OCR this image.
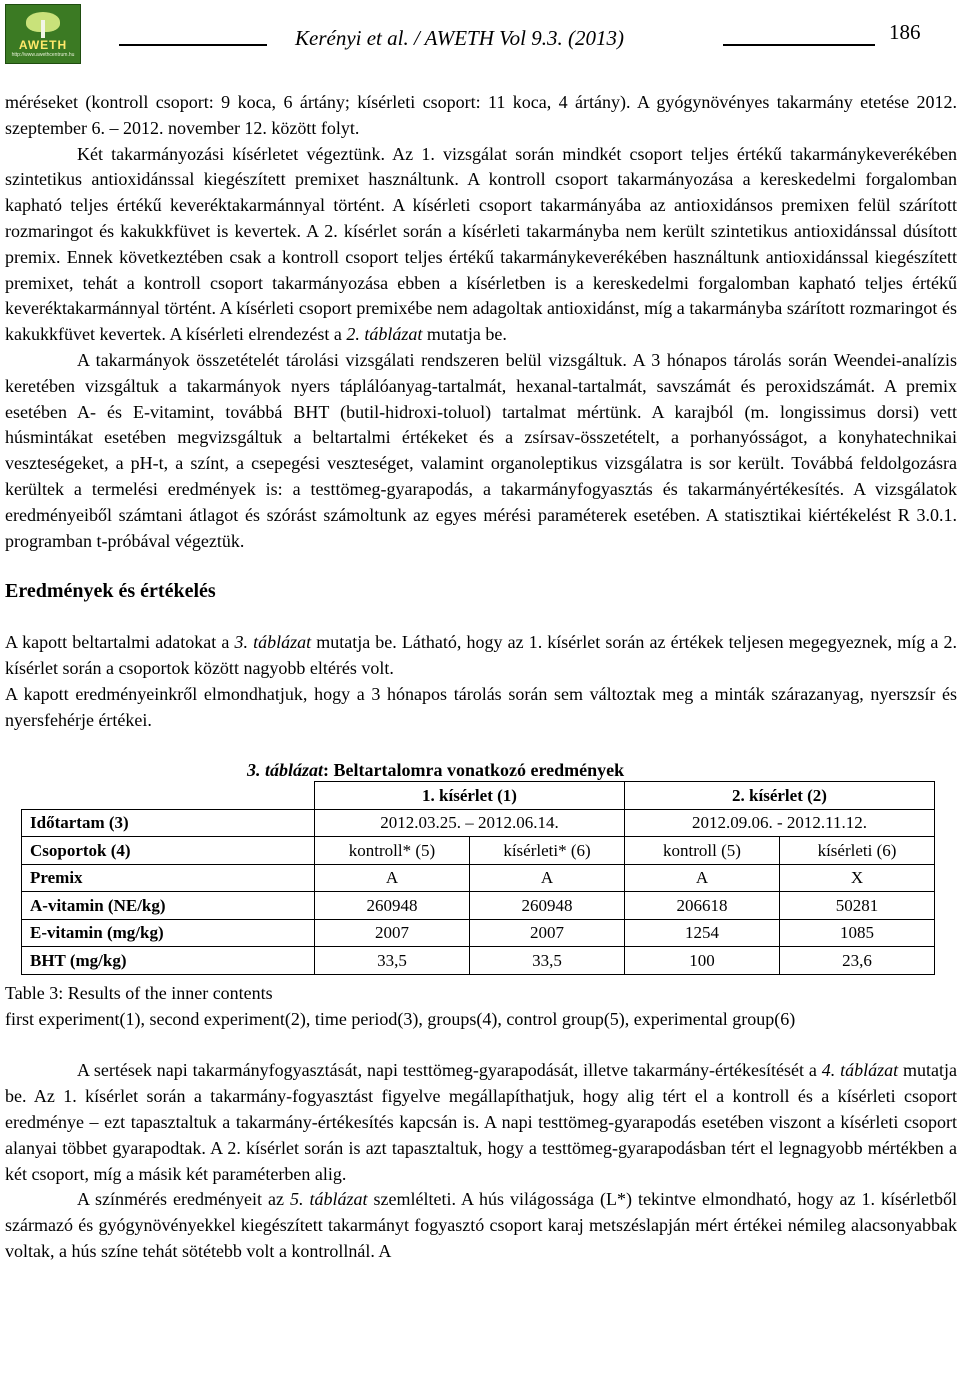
AWETH
http://www.awethcentrum.hu
Kerényi et al. / AWETH Vol 9.3. (2013)	186

méréseket (kontroll csoport: 9 koca, 6 ártány; kísérleti csoport: 11 koca, 4 ártány). A gyógynövényes takarmány etetése 2012. szeptember 6. – 2012. november 12. között folyt.

Két takarmányozási kísérletet végeztünk. Az 1. vizsgálat során mindkét csoport teljes értékű takarmánykeverékében szintetikus antioxidánssal kiegészített premixet használtunk. A kontroll csoport takarmányozása a kereskedelmi forgalomban kapható teljes értékű keveréktakarmánnyal történt. A kísérleti csoport takarmányába az antioxidánsos premixen felül szárított rozmaringot és kakukkfüvet is kevertek. A 2. kísérlet során a kísérleti takarmányba nem került szintetikus antioxidánssal dúsított premix. Ennek következtében csak a kontroll csoport teljes értékű takarmánykeverékében használtunk antioxidánssal kiegészített premixet, tehát a kontroll csoport takarmányozása ebben a kísérletben is a kereskedelmi forgalomban kapható teljes értékű keveréktakarmánnyal történt. A kísérleti csoport premixébe nem adagoltak antioxidánst, míg a takarmányba szárított rozmaringot és kakukkfüvet kevertek. A kísérleti elrendezést a 2. táblázat mutatja be.

A takarmányok összetételét tárolási vizsgálati rendszeren belül vizsgáltuk. A 3 hónapos tárolás során Weendei-analízis keretében vizsgáltuk a takarmányok nyers táplálóanyag-tartalmát, hexanal-tartalmát, savszámát és peroxidszámát. A premix esetében A- és E-vitamint, továbbá BHT (butil-hidroxi-toluol) tartalmat mértünk. A karajból (m. longissimus dorsi) vett húsmintákat esetében megvizsgáltuk a beltartalmi értékeket és a zsírsav-összetételt, a porhanyósságot, a konyhatechnikai veszteségeket, a pH-t, a színt, a csepegési veszteséget, valamint organoleptikus vizsgálatra is sor került. Továbbá feldolgozásra kerültek a termelési eredmények is: a testtömeg-gyarapodás, a takarmányfogyasztás és takarmányértékesítés. A vizsgálatok eredményeiből számtani átlagot és szórást számoltunk az egyes mérési paraméterek esetében. A statisztikai kiértékelést R 3.0.1. programban t-próbával végeztük.

Eredmények és értékelés

A kapott beltartalmi adatokat a 3. táblázat mutatja be. Látható, hogy az 1. kísérlet során az értékek teljesen megegyeznek, míg a 2. kísérlet során a csoportok között nagyobb eltérés volt.

A kapott eredményeinkről elmondhatjuk, hogy a 3 hónapos tárolás során sem változtak meg a minták szárazanyag, nyerszsír és nyersfehérje értékei.

3. táblázat: Beltartalomra vonatkozó eredmények

	1. kísérlet (1)		2. kísérlet (2)	
Időtartam (3)	2012.03.25. – 2012.06.14.		2012.09.06. - 2012.11.12.	
Csoportok (4)	kontroll* (5)	kísérleti* (6)	kontroll (5)	kísérleti (6)
Premix	A	A	A	X
A-vitamin (NE/kg)	260948	260948	206618	50281
E-vitamin (mg/kg)	2007	2007	1254	1085
BHT (mg/kg)	33,5	33,5	100	23,6

Table 3: Results of the inner contents

first experiment(1), second experiment(2), time period(3), groups(4), control group(5), experimental group(6)

A sertések napi takarmányfogyasztását, napi testtömeg-gyarapodását, illetve takarmány-értékesítését a 4. táblázat mutatja be. Az 1. kísérlet során a takarmány-fogyasztást figyelve megállapíthatjuk, hogy alig tért el a kontroll és a kísérleti csoport eredménye – ezt tapasztaltuk a takarmány-értékesítés kapcsán is. A napi testtömeg-gyarapodás esetében viszont a kísérleti csoport alanyai többet gyarapodtak. A 2. kísérlet során is azt tapasztaltuk, hogy a testtömeg-gyarapodásban tért el legnagyobb mértékben a két csoport, míg a másik két paraméterben alig.

A színmérés eredményeit az 5. táblázat szemlélteti. A hús világossága (L*) tekintve elmondható, hogy az 1. kísérletből származó és gyógynövényekkel kiegészített takarmányt fogyasztó csoport karaj metszéslapján mért értékei némileg alacsonyabbak voltak, a hús színe tehát sötétebb volt a kontrollnál. A
